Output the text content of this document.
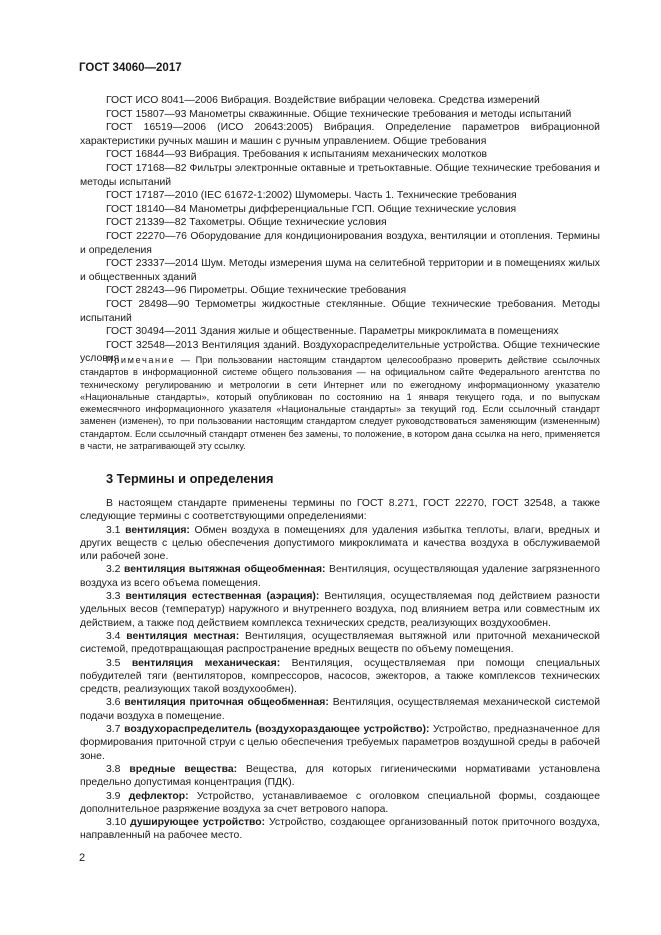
ГОСТ 34060—2017

ГОСТ ИСО 8041—2006 Вибрация. Воздействие вибрации человека. Средства измерений

ГОСТ 15807—93 Манометры скважинные. Общие технические требования и методы испытаний

ГОСТ 16519—2006 (ИСО 20643:2005) Вибрация. Определение параметров вибрационной характеристики ручных машин и машин с ручным управлением. Общие требования

ГОСТ 16844—93 Вибрация. Требования к испытаниям механических молотков

ГОСТ 17168—82 Фильтры электронные октавные и третьоктавные. Общие технические требования и методы испытаний

ГОСТ 17187—2010 (IEC 61672-1:2002) Шумомеры. Часть 1. Технические требования

ГОСТ 18140—84 Манометры дифференциальные ГСП. Общие технические условия

ГОСТ 21339—82 Тахометры. Общие технические условия

ГОСТ 22270—76 Оборудование для кондиционирования воздуха, вентиляции и отопления. Термины и определения

ГОСТ 23337—2014 Шум. Методы измерения шума на селитебной территории и в помещениях жилых и общественных зданий

ГОСТ 28243—96 Пирометры. Общие технические требования

ГОСТ 28498—90 Термометры жидкостные стеклянные. Общие технические требования. Методы испытаний

ГОСТ 30494—2011 Здания жилые и общественные. Параметры микроклимата в помещениях

ГОСТ 32548—2013 Вентиляция зданий. Воздухораспределительные устройства. Общие технические условия

Примечание — При пользовании настоящим стандартом целесообразно проверить действие ссылочных стандартов в информационной системе общего пользования — на официальном сайте Федерального агентства по техническому регулированию и метрологии в сети Интернет или по ежегодному информационному указателю «Национальные стандарты», который опубликован по состоянию на 1 января текущего года, и по выпускам ежемесячного информационного указателя «Национальные стандарты» за текущий год. Если ссылочный стандарт заменен (изменен), то при пользовании настоящим стандартом следует руководствоваться заменяющим (измененным) стандартом. Если ссылочный стандарт отменен без замены, то положение, в котором дана ссылка на него, применяется в части, не затрагивающей эту ссылку.

3 Термины и определения

В настоящем стандарте применены термины по ГОСТ 8.271, ГОСТ 22270, ГОСТ 32548, а также следующие термины с соответствующими определениями:

3.1 вентиляция: Обмен воздуха в помещениях для удаления избытка теплоты, влаги, вредных и других веществ с целью обеспечения допустимого микроклимата и качества воздуха в обслуживаемой или рабочей зоне.

3.2 вентиляция вытяжная общеобменная: Вентиляция, осуществляющая удаление загрязненного воздуха из всего объема помещения.

3.3 вентиляция естественная (аэрация): Вентиляция, осуществляемая под действием разности удельных весов (температур) наружного и внутреннего воздуха, под влиянием ветра или совместным их действием, а также под действием комплекса технических средств, реализующих воздухообмен.

3.4 вентиляция местная: Вентиляция, осуществляемая вытяжной или приточной механической системой, предотвращающая распространение вредных веществ по объему помещения.

3.5 вентиляция механическая: Вентиляция, осуществляемая при помощи специальных побудителей тяги (вентиляторов, компрессоров, насосов, эжекторов, а также комплексов технических средств, реализующих такой воздухообмен).

3.6 вентиляция приточная общеобменная: Вентиляция, осуществляемая механической системой подачи воздуха в помещение.

3.7 воздухораспределитель (воздухораздающее устройство): Устройство, предназначенное для формирования приточной струи с целью обеспечения требуемых параметров воздушной среды в рабочей зоне.

3.8 вредные вещества: Вещества, для которых гигиеническими нормативами установлена предельно допустимая концентрация (ПДК).

3.9 дефлектор: Устройство, устанавливаемое с оголовком специальной формы, создающее дополнительное разряжение воздуха за счет ветрового напора.

3.10 душирующее устройство: Устройство, создающее организованный поток приточного воздуха, направленный на рабочее место.

2
